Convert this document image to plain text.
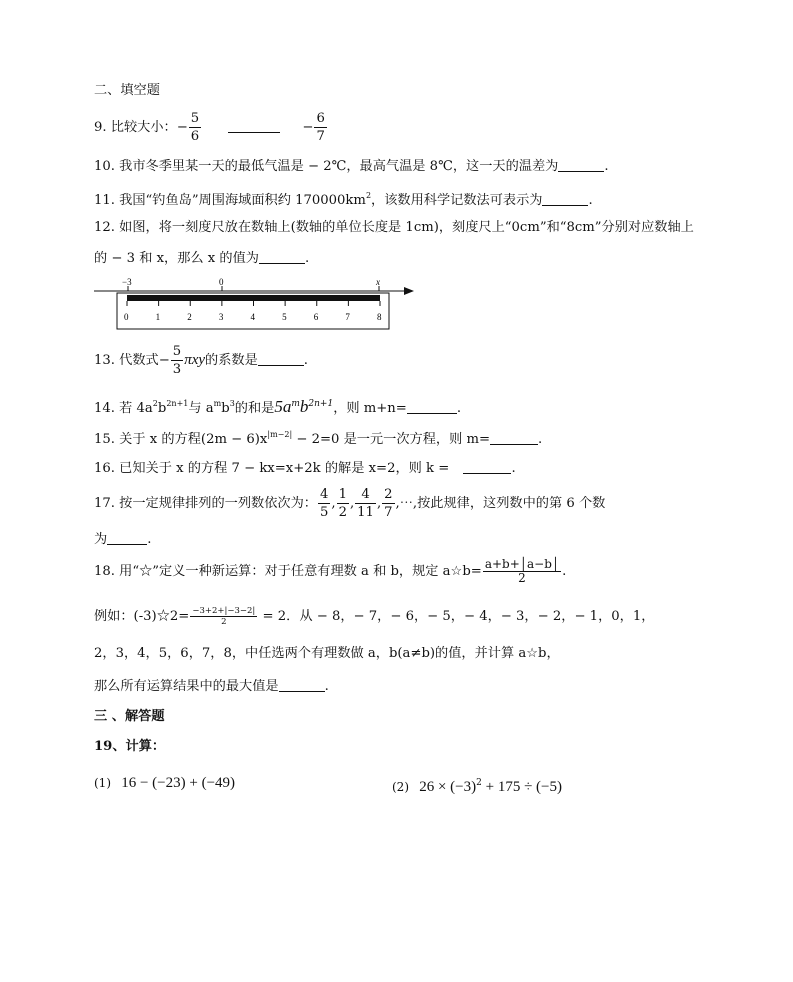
二、填空题
9. 比较大小：− $\frac{5}{6}$	− $\frac{6}{7}$
10. 我市冬季里某一天的最低气温是 − 2℃，最高气温是 8℃，这一天的温差为	.
11. 我国“钓鱼岛”周围海域面积约 $170000km^2$，该数用科学记数法可表示为	.
12. 如图，将一刻度尺放在数轴上(数轴的单位长度是 1cm)，刻度尺上“0cm”和“8cm”分别对应数轴上
的 − 3 和 x，那么 x 的值为	.
−3	0	x
0	1	2	3	4	5	6	7	8
13. 代数式− $\frac{5}{3}$ πxy的系数是	.
14. 若 $4a^2b^{2n+1}$与 $a^mb^3$的和是$5a^mb^{2n+1}$，则 m+n=	.
15. 关于 x 的方程$(2m - 6)x^{|m-2|} - 2=0$ 是一元一次方程，则 m=	.
16. 已知关于 x 的方程 7 − kx=x+2k 的解是 x=2，则 k =	.
17. 按一定规律排列的一列数依次为： $\frac{4}{5}$ , $\frac{1}{2}$ , $\frac{4}{11}$ , $\frac{2}{7}$ ,⋯,按此规律，这列数中的第 6 个数
为	.
18. 用“☆”定义一种新运算：对于任意有理数 a 和 b，规定 a☆b= $\frac{a+b+│a-b│}{2}$ .
例如：(-3)☆2= $\frac{-3+2+|-3-2|}{2} = 2$．从 − 8，− 7，− 6，− 5，− 4，− 3，− 2，− 1，0，1，
2，3，4，5，6，7，8，中任选两个有理数做 a，b(a≠b)的值，并计算 a☆b，
那么所有运算结果中的最大值是	.
三 、解答题
19、计算：
(1) 16 − (−23) + (−49)	(2) $26 \times (-3)^2 + 175 \div (-5)$
